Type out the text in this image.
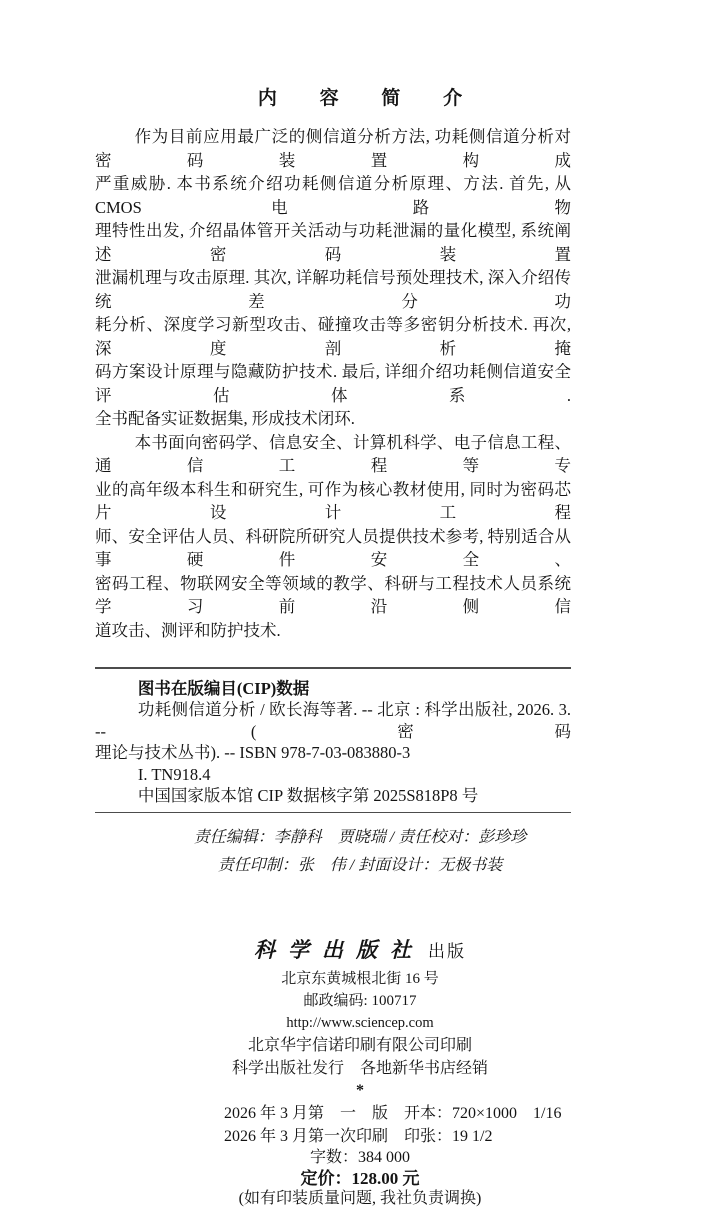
内 容 简 介
作为目前应用最广泛的侧信道分析方法, 功耗侧信道分析对密码装置构成
严重威胁. 本书系统介绍功耗侧信道分析原理、方法. 首先, 从 CMOS 电路物
理特性出发, 介绍晶体管开关活动与功耗泄漏的量化模型, 系统阐述密码装置
泄漏机理与攻击原理. 其次, 详解功耗信号预处理技术, 深入介绍传统差分功
耗分析、深度学习新型攻击、碰撞攻击等多密钥分析技术. 再次, 深度剖析掩
码方案设计原理与隐藏防护技术. 最后, 详细介绍功耗侧信道安全评估体系.
全书配备实证数据集, 形成技术闭环.
本书面向密码学、信息安全、计算机科学、电子信息工程、通信工程等专
业的高年级本科生和研究生, 可作为核心教材使用, 同时为密码芯片设计工程
师、安全评估人员、科研院所研究人员提供技术参考, 特别适合从事硬件安全、
密码工程、物联网安全等领域的教学、科研与工程技术人员系统学习前沿侧信
道攻击、测评和防护技术.
图书在版编目(CIP)数据
功耗侧信道分析 / 欧长海等著. -- 北京 : 科学出版社, 2026. 3. -- (密码
理论与技术丛书). -- ISBN 978-7-03-083880-3
I. TN918.4
中国国家版本馆 CIP 数据核字第 2025S818P8 号
责任编辑：李静科　贾晓瑞 / 责任校对：彭珍珍
责任印制：张　伟 / 封面设计：无极书装
科学出版社 出版
北京东黄城根北街 16 号
邮政编码: 100717
http://www.sciencep.com
北京华宇信诺印刷有限公司印刷
科学出版社发行　各地新华书店经销
*
2026 年 3 月第　一　版　开本：720×1000　1/16
2026 年 3 月第一次印刷　印张：19 1/2
字数：384 000
定价：128.00 元
(如有印装质量问题, 我社负责调换)
